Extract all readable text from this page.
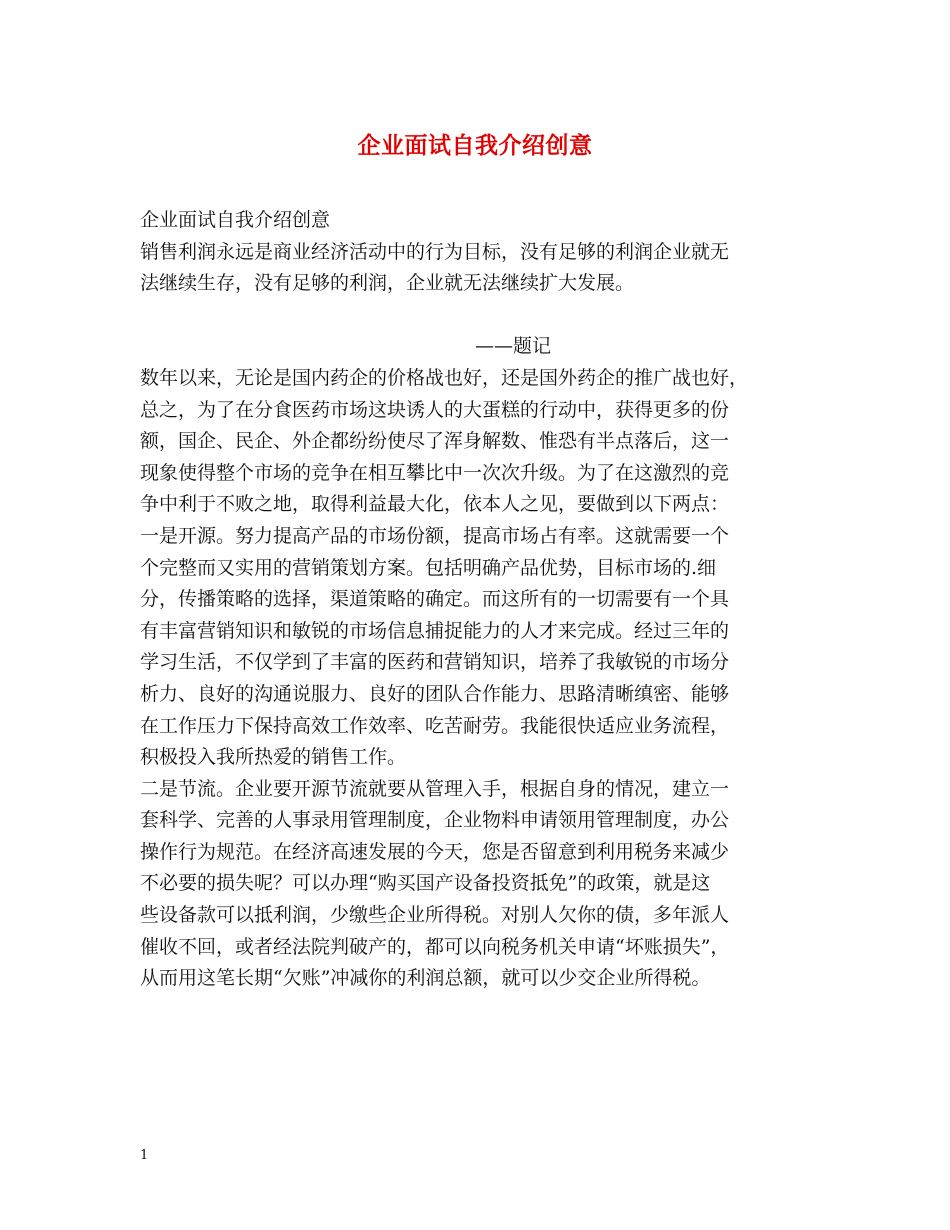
企业面试自我介绍创意
企业面试自我介绍创意
销售利润永远是商业经济活动中的行为目标，没有足够的利润企业就无
法继续生存，没有足够的利润，企业就无法继续扩大发展。
——题记
数年以来，无论是国内药企的价格战也好，还是国外药企的推广战也好，
总之，为了在分食医药市场这块诱人的大蛋糕的行动中，获得更多的份
额，国企、民企、外企都纷纷使尽了浑身解数、惟恐有半点落后，这一
现象使得整个市场的竞争在相互攀比中一次次升级。为了在这激烈的竞
争中利于不败之地，取得利益最大化，依本人之见，要做到以下两点：
一是开源。努力提高产品的市场份额，提高市场占有率。这就需要一个
个完整而又实用的营销策划方案。包括明确产品优势，目标市场的.细
分，传播策略的选择，渠道策略的确定。而这所有的一切需要有一个具
有丰富营销知识和敏锐的市场信息捕捉能力的人才来完成。经过三年的
学习生活，不仅学到了丰富的医药和营销知识，培养了我敏锐的市场分
析力、良好的沟通说服力、良好的团队合作能力、思路清晰缜密、能够
在工作压力下保持高效工作效率、吃苦耐劳。我能很快适应业务流程，
积极投入我所热爱的销售工作。
二是节流。企业要开源节流就要从管理入手，根据自身的情况，建立一
套科学、完善的人事录用管理制度，企业物料申请领用管理制度，办公
操作行为规范。在经济高速发展的今天，您是否留意到利用税务来减少
不必要的损失呢？可以办理“购买国产设备投资抵免”的政策，就是这
些设备款可以抵利润，少缴些企业所得税。对别人欠你的债，多年派人
催收不回，或者经法院判破产的，都可以向税务机关申请“坏账损失”，
从而用这笔长期“欠账”冲减你的利润总额，就可以少交企业所得税。
1
